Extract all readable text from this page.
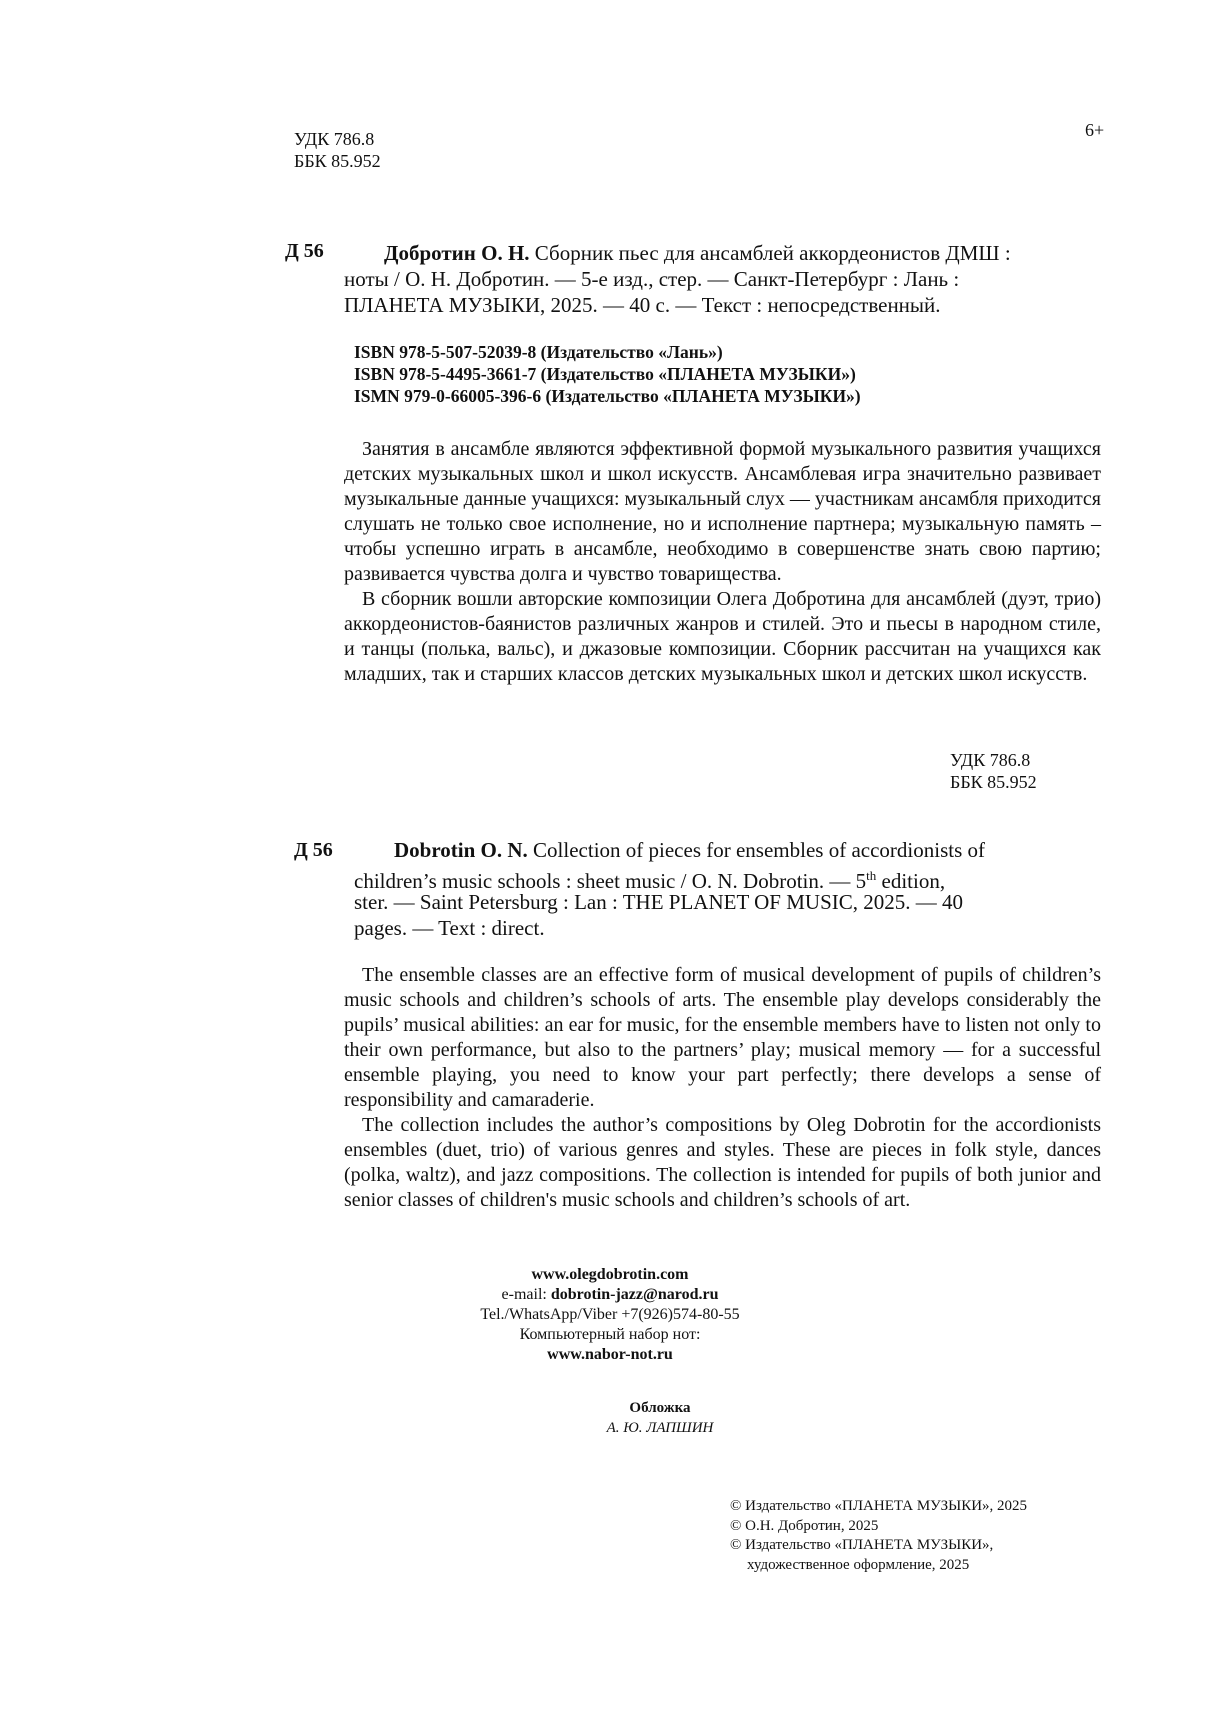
УДК 786.8
ББК 85.952
6+
Д 56	Добротин О. Н. Сборник пьес для ансамблей аккордеонистов ДМШ :
ноты / О. Н. Добротин. — 5-е изд., стер. — Санкт-Петербург : Лань :
ПЛАНЕТА МУЗЫКИ, 2025. — 40 с. — Текст : непосредственный.
ISBN 978-5-507-52039-8 (Издательство «Лань»)
ISBN 978-5-4495-3661-7 (Издательство «ПЛАНЕТА МУЗЫКИ»)
ISMN 979-0-66005-396-6 (Издательство «ПЛАНЕТА МУЗЫКИ»)

Занятия в ансамбле являются эффективной формой музыкального развития учащихся детских музыкальных школ и школ искусств. Ансамблевая игра значительно развивает музыкальные данные учащихся: музыкальный слух — участникам ансамбля приходится слушать не только свое исполнение, но и исполнение партнера; музыкальную память – чтобы успешно играть в ансамбле, необходимо в совершенстве знать свою партию; развивается чувства долга и чувство товарищества.

В сборник вошли авторские композиции Олега Добротина для ансамблей (дуэт, трио) аккордеонистов-баянистов различных жанров и стилей. Это и пьесы в народном стиле, и танцы (полька, вальс), и джазовые композиции. Сборник рассчитан на учащихся как младших, так и старших классов детских музыкальных школ и детских школ искусств.

УДК 786.8
ББК 85.952
Д 56	Dobrotin O. N. Collection of pieces for ensembles of accordionists of
children’s music schools : sheet music / O. N. Dobrotin. — 5th edition,
ster. — Saint Petersburg : Lan : THE PLANET OF MUSIC, 2025. — 40
pages. — Text : direct.

The ensemble classes are an effective form of musical development of pupils of children’s music schools and children’s schools of arts. The ensemble play develops considerably the pupils’ musical abilities: an ear for music, for the ensemble members have to listen not only to their own performance, but also to the partners’ play; musical memory — for a successful ensemble playing, you need to know your part perfectly; there develops a sense of responsibility and camaraderie.

The collection includes the author’s compositions by Oleg Dobrotin for the accordionists ensembles (duet, trio) of various genres and styles. These are pieces in folk style, dances (polka, waltz), and jazz compositions. The collection is intended for pupils of both junior and senior classes of children's music schools and children’s schools of art.

www.olegdobrotin.com
e-mail: dobrotin-jazz@narod.ru
Tel./WhatsApp/Viber +7(926)574-80-55
Компьютерный набор нот:
www.nabor-not.ru
Обложка
А. Ю. ЛАПШИН
© Издательство «ПЛАНЕТА МУЗЫКИ», 2025
© О.Н. Добротин, 2025
© Издательство «ПЛАНЕТА МУЗЫКИ»,
художественное оформление, 2025
